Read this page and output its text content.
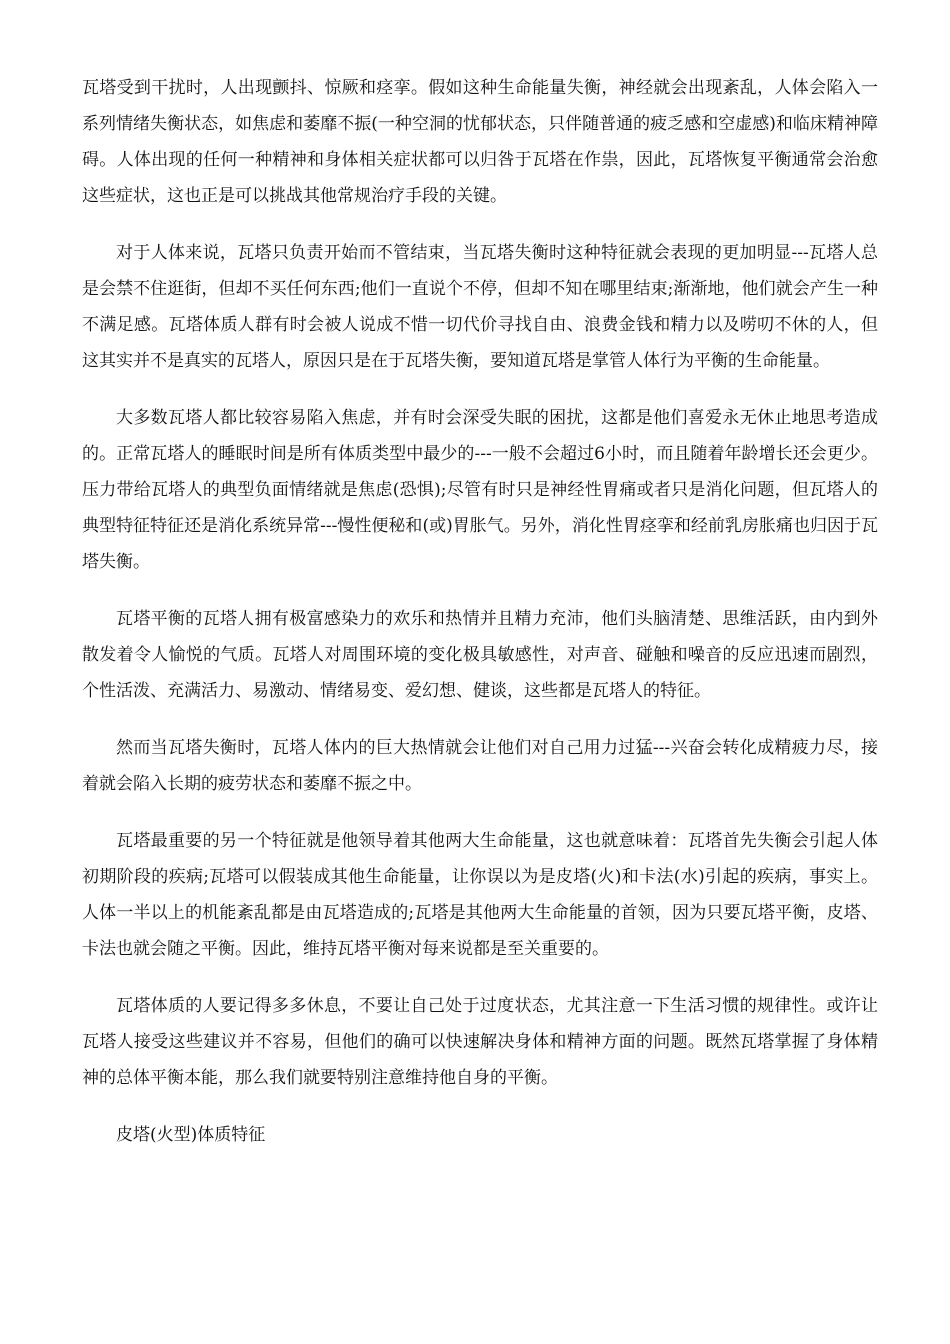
瓦塔受到干扰时，人出现颤抖、惊厥和痉挛。假如这种生命能量失衡，神经就会出现紊乱，人体会陷入一系列情绪失衡状态，如焦虑和萎靡不振(一种空洞的忧郁状态，只伴随普通的疲乏感和空虚感)和临床精神障碍。人体出现的任何一种精神和身体相关症状都可以归咎于瓦塔在作祟，因此，瓦塔恢复平衡通常会治愈这些症状，这也正是可以挑战其他常规治疗手段的关键。

对于人体来说，瓦塔只负责开始而不管结束，当瓦塔失衡时这种特征就会表现的更加明显---瓦塔人总是会禁不住逛街，但却不买任何东西;他们一直说个不停，但却不知在哪里结束;渐渐地，他们就会产生一种不满足感。瓦塔体质人群有时会被人说成不惜一切代价寻找自由、浪费金钱和精力以及唠叨不休的人，但这其实并不是真实的瓦塔人，原因只是在于瓦塔失衡，要知道瓦塔是掌管人体行为平衡的生命能量。

大多数瓦塔人都比较容易陷入焦虑，并有时会深受失眠的困扰，这都是他们喜爱永无休止地思考造成的。正常瓦塔人的睡眠时间是所有体质类型中最少的---一般不会超过6小时，而且随着年龄增长还会更少。压力带给瓦塔人的典型负面情绪就是焦虑(恐惧);尽管有时只是神经性胃痛或者只是消化问题，但瓦塔人的典型特征特征还是消化系统异常---慢性便秘和(或)胃胀气。另外，消化性胃痉挛和经前乳房胀痛也归因于瓦塔失衡。

瓦塔平衡的瓦塔人拥有极富感染力的欢乐和热情并且精力充沛，他们头脑清楚、思维活跃，由内到外散发着令人愉悦的气质。瓦塔人对周围环境的变化极具敏感性，对声音、碰触和噪音的反应迅速而剧烈，个性活泼、充满活力、易激动、情绪易变、爱幻想、健谈，这些都是瓦塔人的特征。

然而当瓦塔失衡时，瓦塔人体内的巨大热情就会让他们对自己用力过猛---兴奋会转化成精疲力尽，接着就会陷入长期的疲劳状态和萎靡不振之中。

瓦塔最重要的另一个特征就是他领导着其他两大生命能量，这也就意味着：瓦塔首先失衡会引起人体初期阶段的疾病;瓦塔可以假装成其他生命能量，让你误以为是皮塔(火)和卡法(水)引起的疾病，事实上。人体一半以上的机能紊乱都是由瓦塔造成的;瓦塔是其他两大生命能量的首领，因为只要瓦塔平衡，皮塔、卡法也就会随之平衡。因此，维持瓦塔平衡对每来说都是至关重要的。

瓦塔体质的人要记得多多休息，不要让自己处于过度状态，尤其注意一下生活习惯的规律性。或许让瓦塔人接受这些建议并不容易，但他们的确可以快速解决身体和精神方面的问题。既然瓦塔掌握了身体精神的总体平衡本能，那么我们就要特别注意维持他自身的平衡。

皮塔(火型)体质特征
